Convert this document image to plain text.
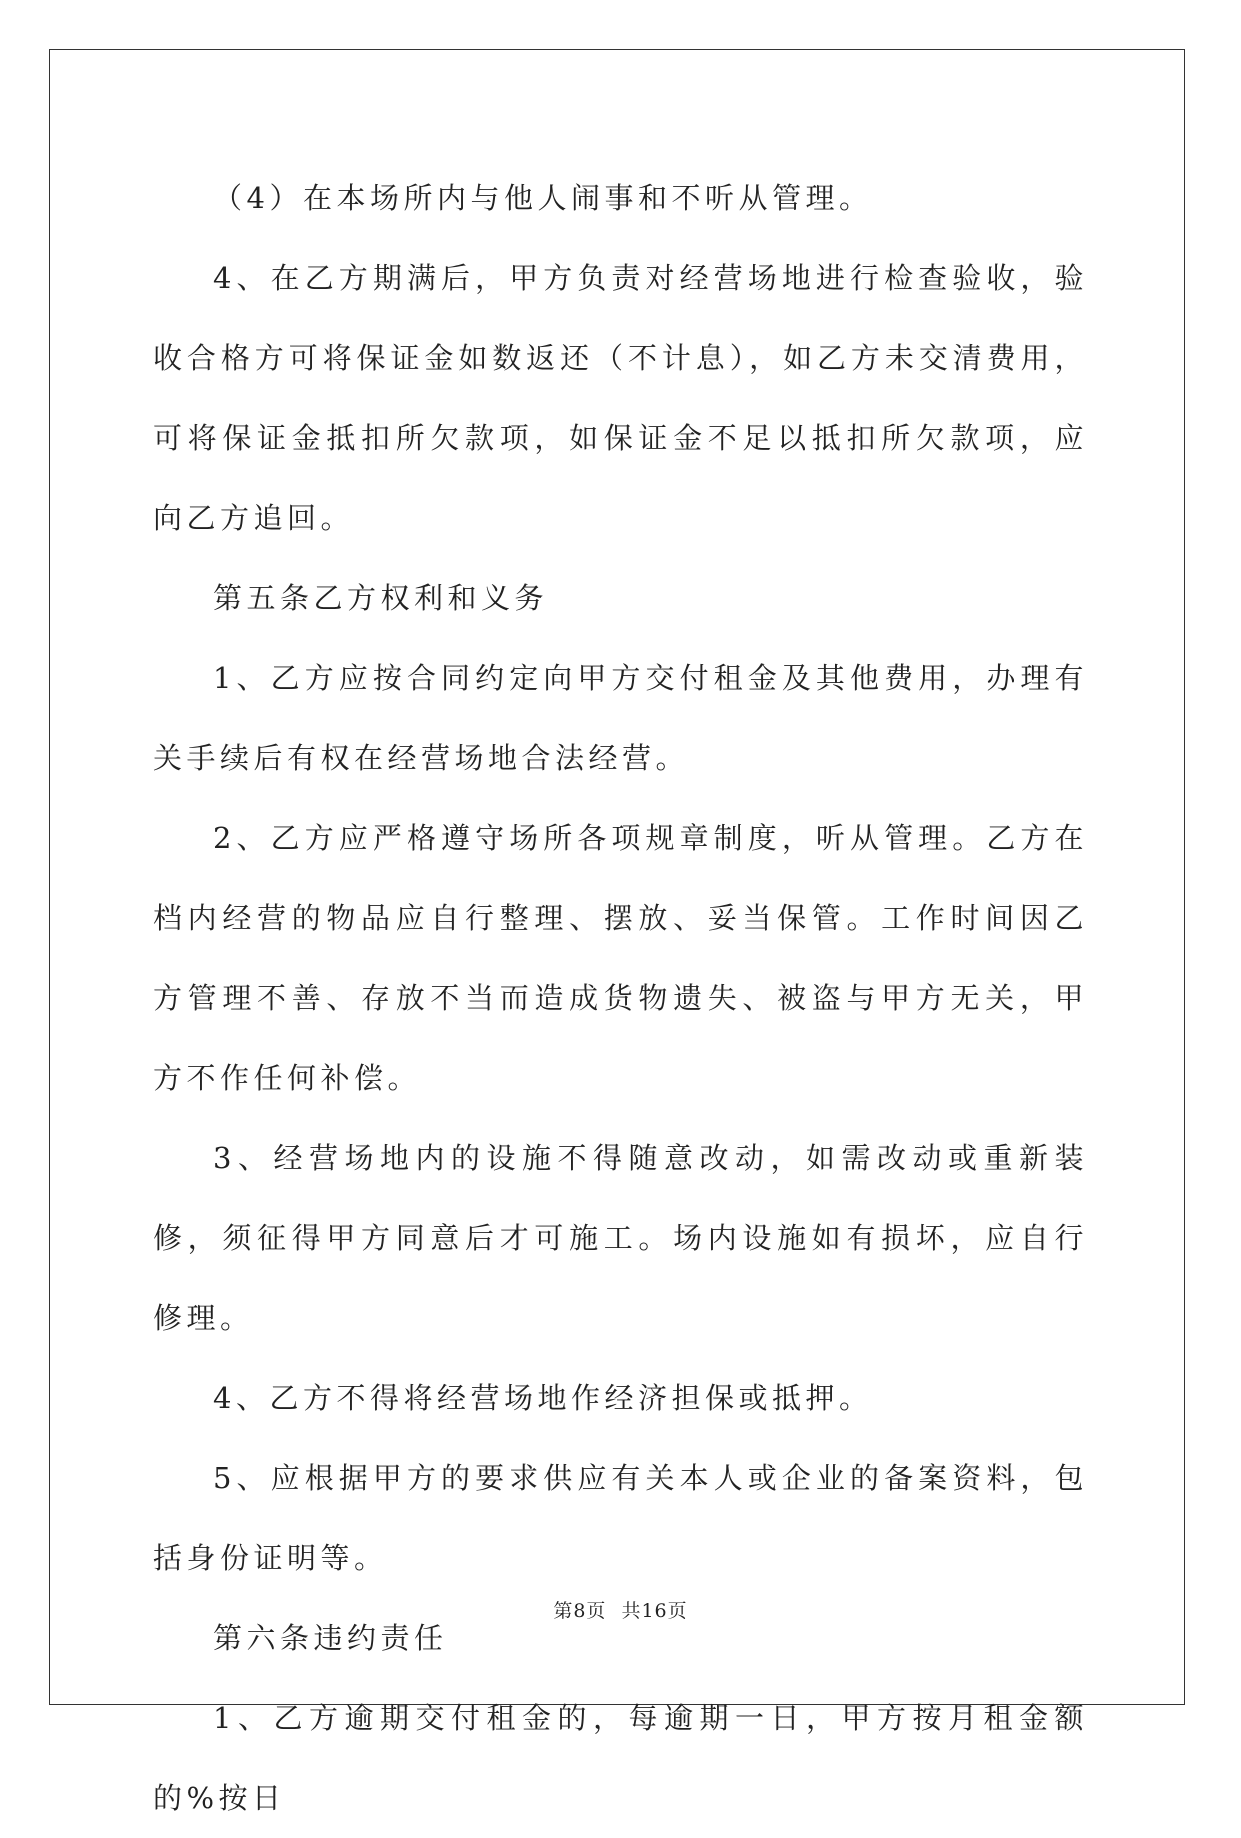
（4）在本场所内与他人闹事和不听从管理。

4、在乙方期满后，甲方负责对经营场地进行检查验收，验收合格方可将保证金如数返还（不计息），如乙方未交清费用，可将保证金抵扣所欠款项，如保证金不足以抵扣所欠款项，应向乙方追回。

第五条乙方权利和义务

1、乙方应按合同约定向甲方交付租金及其他费用，办理有关手续后有权在经营场地合法经营。

2、乙方应严格遵守场所各项规章制度，听从管理。乙方在档内经营的物品应自行整理、摆放、妥当保管。工作时间因乙方管理不善、存放不当而造成货物遗失、被盗与甲方无关，甲方不作任何补偿。

3、经营场地内的设施不得随意改动，如需改动或重新装修，须征得甲方同意后才可施工。场内设施如有损坏，应自行修理。

4、乙方不得将经营场地作经济担保或抵押。

5、应根据甲方的要求供应有关本人或企业的备案资料，包括身份证明等。

第六条违约责任

1、乙方逾期交付租金的，每逾期一日，甲方按月租金额的%按日

第8页 共16页
